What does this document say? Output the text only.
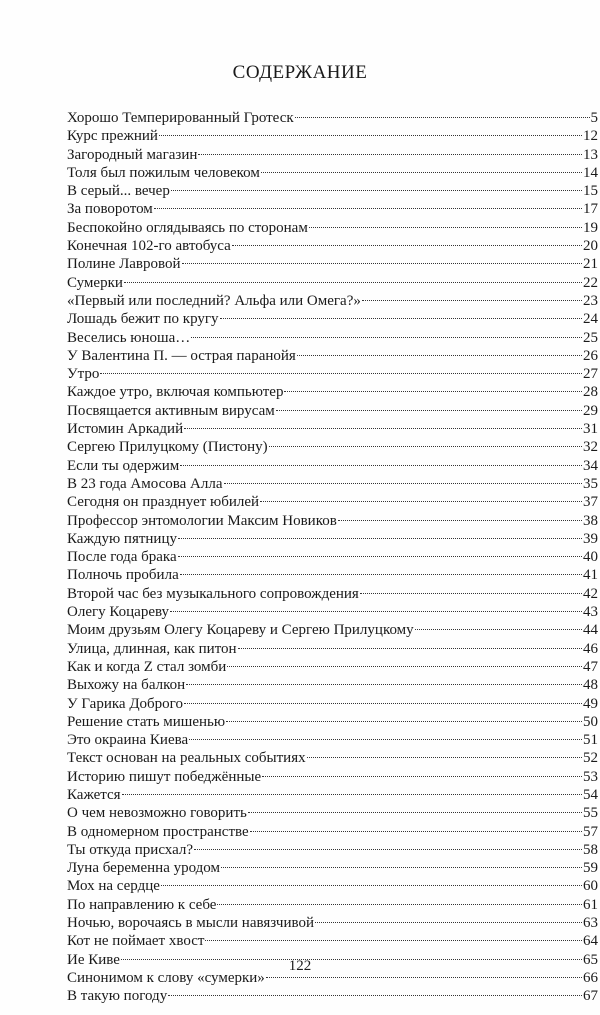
СОДЕРЖАНИЕ
Хорошо Темперированный Гротеск	5
Курс прежний	12
Загородный магазин	13
Толя был пожилым человеком	14
В серый... вечер	15
За поворотом	17
Беспокойно оглядываясь по сторонам	19
Конечная 102-го автобуса	20
Полине Лавровой	21
Сумерки	22
«Первый или последний? Альфа или Омега?»	23
Лошадь бежит по кругу	24
Веселись юноша…	25
У Валентина П. — острая паранойя	26
Утро	27
Каждое утро, включая компьютер	28
Посвящается активным вирусам	29
Истомин Аркадий	31
Сергею Прилуцкому (Пистону)	32
Если ты одержим	34
В 23 года Амосова Алла	35
Сегодня он празднует юбилей	37
Профессор энтомологии Максим Новиков	38
Каждую пятницу	39
После года брака	40
Полночь пробила	41
Второй час без музыкального сопровождения	42
Олегу Коцареву	43
Моим друзьям Олегу Коцареву и Сергею Прилуцкому	44
Улица, длинная, как питон	46
Как и когда Z стал зомби	47
Выхожу на балкон	48
У Гарика Доброго	49
Решение стать мишенью	50
Это окраина Киева	51
Текст основан на реальных событиях	52
Историю пишут победжённые	53
Кажется	54
О чем невозможно говорить	55
В одномерном пространстве	57
Ты откуда присхал?	58
Луна беременна уродом	59
Мох на сердце	60
По направлению к себе	61
Ночью, ворочаясь в мысли навязчивой	63
Кот не поймает хвост	64
Ие Киве	65
Синонимом к слову «сумерки»	66
В такую погоду	67
122
